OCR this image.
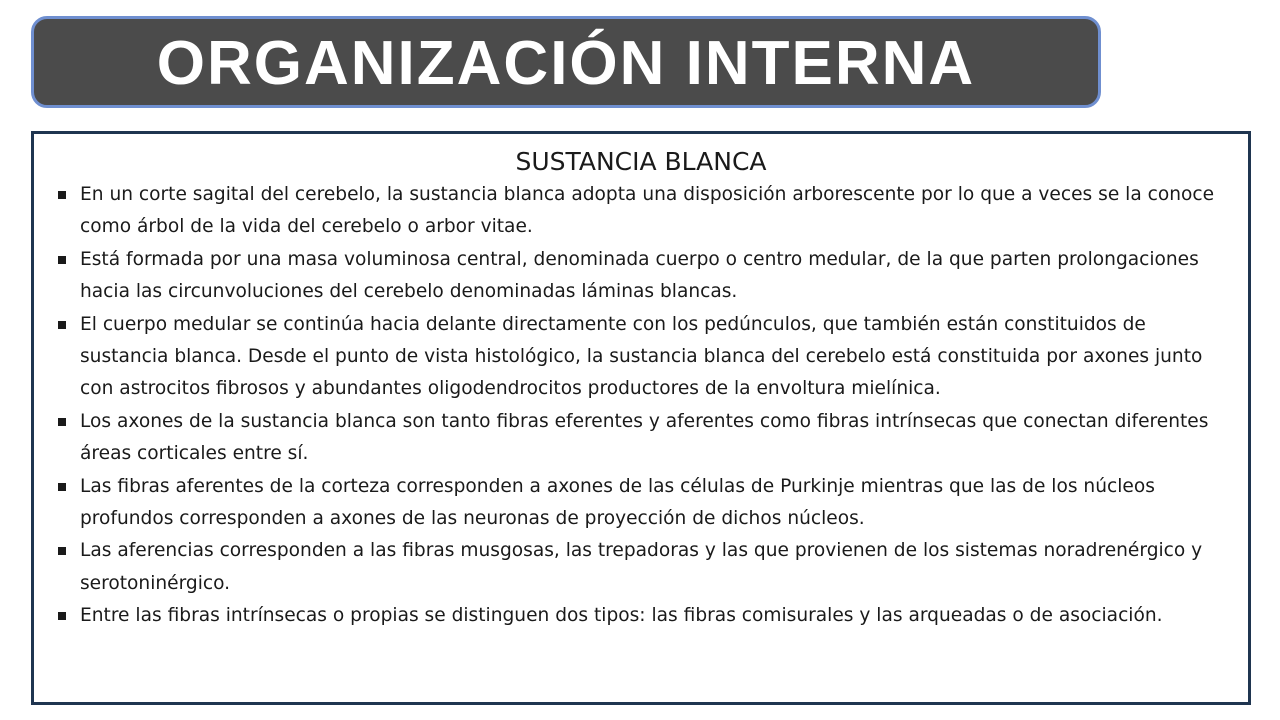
ORGANIZACIÓN INTERNA
SUSTANCIA BLANCA
En un corte sagital del cerebelo, la sustancia blanca adopta una disposición arborescente por lo que a veces se la conoce como árbol de la vida del cerebelo o arbor vitae.
Está formada por una masa voluminosa central, denominada cuerpo o centro medular, de la que parten prolongaciones hacia las circunvoluciones del cerebelo denominadas láminas blancas.
El cuerpo medular se continúa hacia delante directamente con los pedúnculos, que también están constituidos de sustancia blanca. Desde el punto de vista histológico, la sustancia blanca del cerebelo está constituida por axones junto con astrocitos fibrosos y abundantes oligodendrocitos productores de la envoltura mielínica.
Los axones de la sustancia blanca son tanto fibras eferentes y aferentes como fibras intrínsecas que conectan diferentes áreas corticales entre sí.
Las fibras aferentes de la corteza corresponden a axones de las células de Purkinje mientras que las de los núcleos profundos corresponden a axones de las neuronas de proyección de dichos núcleos.
Las aferencias corresponden a las fibras musgosas, las trepadoras y las que provienen de los sistemas noradrenérgico y serotoninérgico.
Entre las fibras intrínsecas o propias se distinguen dos tipos: las fibras comisurales y las arqueadas o de asociación.
